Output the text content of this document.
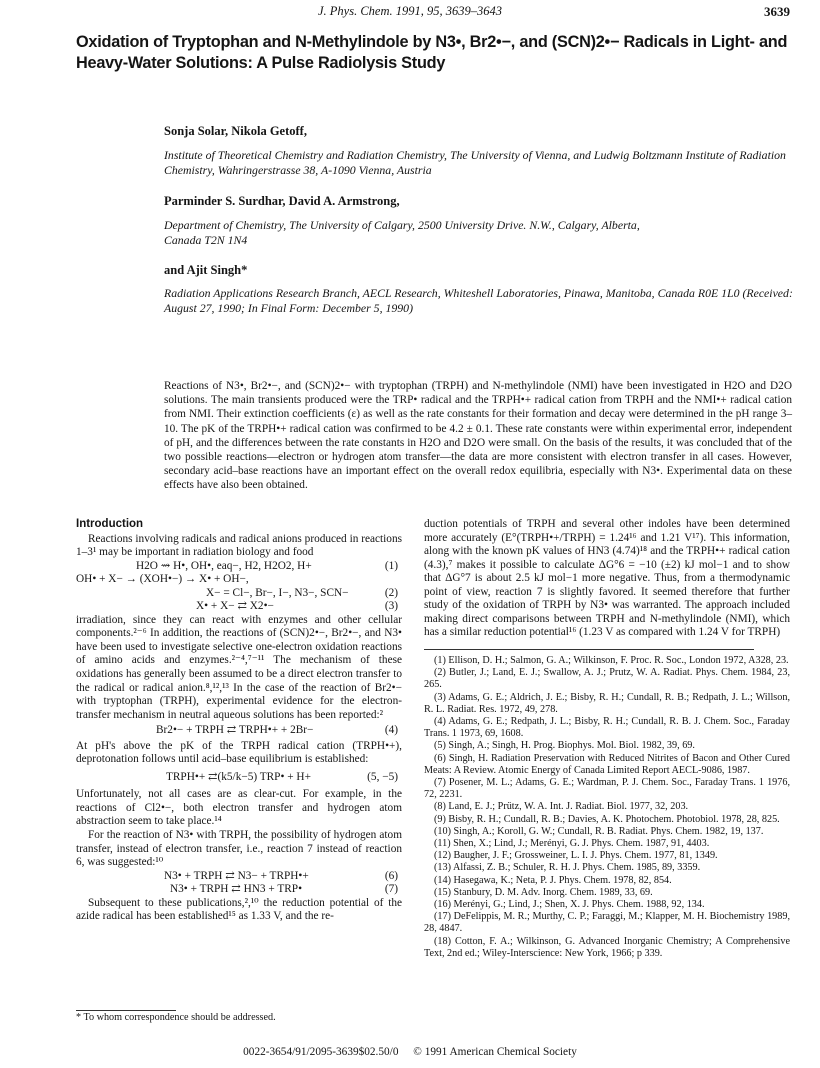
J. Phys. Chem. 1991, 95, 3639–3643	3639
Oxidation of Tryptophan and N-Methylindole by N3•, Br2•−, and (SCN)2•− Radicals in Light- and Heavy-Water Solutions: A Pulse Radiolysis Study
Sonja Solar, Nikola Getoff,
Institute of Theoretical Chemistry and Radiation Chemistry, The University of Vienna, and Ludwig Boltzmann Institute of Radiation Chemistry, Wahringerstrasse 38, A-1090 Vienna, Austria
Parminder S. Surdhar, David A. Armstrong,
Department of Chemistry, The University of Calgary, 2500 University Drive. N.W., Calgary, Alberta, Canada T2N 1N4
and Ajit Singh*
Radiation Applications Research Branch, AECL Research, Whiteshell Laboratories, Pinawa, Manitoba, Canada R0E 1L0 (Received: August 27, 1990; In Final Form: December 5, 1990)
Reactions of N3•, Br2•−, and (SCN)2•− with tryptophan (TRPH) and N-methylindole (NMI) have been investigated in H2O and D2O solutions. The main transients produced were the TRP• radical and the TRPH•+ radical cation from TRPH and the NMI•+ radical cation from NMI. Their extinction coefficients (ε) as well as the rate constants for their formation and decay were determined in the pH range 3–10. The pK of the TRPH•+ radical cation was confirmed to be 4.2 ± 0.1. These rate constants were within experimental error, independent of pH, and the differences between the rate constants in H2O and D2O were small. On the basis of the results, it was concluded that of the two possible reactions—electron or hydrogen atom transfer—the data are more consistent with electron transfer in all cases. However, secondary acid–base reactions have an important effect on the overall redox equilibria, especially with N3•. Experimental data on these effects have also been obtained.
Introduction

Reactions involving radicals and radical anions produced in reactions 1–3¹ may be important in radiation biology and food

H2O ⇝ H•, OH•, eaq−, H2, H2O2, H+	(1)
OH• + X− → (XOH•−) → X• + OH−,
X− = Cl−, Br−, I−, N3−, SCN−	(2)
X• + X− ⇄ X2•−	(3)

irradiation, since they can react with enzymes and other cellular components.²⁻⁶ In addition, the reactions of (SCN)2•−, Br2•−, and N3• have been used to investigate selective one-electron oxidation reactions of amino acids and enzymes.²⁻⁴,⁷⁻¹¹ The mechanism of these oxidations has generally been assumed to be a direct electron transfer to the radical or radical anion.⁸,¹²,¹³ In the case of the reaction of Br2•− with tryptophan (TRPH), experimental evidence for the electron-transfer mechanism in neutral aqueous solutions has been reported:²

Br2•− + TRPH ⇄ TRPH•+ + 2Br−	(4)

At pH's above the pK of the TRPH radical cation (TRPH•+), deprotonation follows until acid–base equilibrium is established:

TRPH•+ ⇄(k5/k−5) TRP• + H+	(5, −5)

Unfortunately, not all cases are as clear-cut. For example, in the reactions of Cl2•−, both electron transfer and hydrogen atom abstraction seem to take place.¹⁴

For the reaction of N3• with TRPH, the possibility of hydrogen atom transfer, instead of electron transfer, i.e., reaction 7 instead of reaction 6, was suggested:¹⁰

N3• + TRPH ⇄ N3− + TRPH•+	(6)
N3• + TRPH ⇄ HN3 + TRP•	(7)

Subsequent to these publications,²,¹⁰ the reduction potential of the azide radical has been established¹⁵ as 1.33 V, and the re-

duction potentials of TRPH and several other indoles have been determined more accurately (E°(TRPH•+/TRPH) = 1.24¹⁶ and 1.21 V¹⁷). This information, along with the known pK values of HN3 (4.74)¹⁸ and the TRPH•+ radical cation (4.3),⁷ makes it possible to calculate ΔG°6 = −10 (±2) kJ mol−1 and to show that ΔG°7 is about 2.5 kJ mol−1 more negative. Thus, from a thermodynamic point of view, reaction 7 is slightly favored. It seemed therefore that further study of the oxidation of TRPH by N3• was warranted. The approach included making direct comparisons between TRPH and N-methylindole (NMI), which has a similar reduction potential¹⁶ (1.23 V as compared with 1.24 V for TRPH)

(1) Ellison, D. H.; Salmon, G. A.; Wilkinson, F. Proc. R. Soc., London 1972, A328, 23.
(2) Butler, J.; Land, E. J.; Swallow, A. J.; Prutz, W. A. Radiat. Phys. Chem. 1984, 23, 265.
(3) Adams, G. E.; Aldrich, J. E.; Bisby, R. H.; Cundall, R. B.; Redpath, J. L.; Willson, R. L. Radiat. Res. 1972, 49, 278.
(4) Adams, G. E.; Redpath, J. L.; Bisby, R. H.; Cundall, R. B. J. Chem. Soc., Faraday Trans. 1 1973, 69, 1608.
(5) Singh, A.; Singh, H. Prog. Biophys. Mol. Biol. 1982, 39, 69.
(6) Singh, H. Radiation Preservation with Reduced Nitrites of Bacon and Other Cured Meats: A Review. Atomic Energy of Canada Limited Report AECL-9086, 1987.
(7) Posener, M. L.; Adams, G. E.; Wardman, P. J. Chem. Soc., Faraday Trans. 1 1976, 72, 2231.
(8) Land, E. J.; Prütz, W. A. Int. J. Radiat. Biol. 1977, 32, 203.
(9) Bisby, R. H.; Cundall, R. B.; Davies, A. K. Photochem. Photobiol. 1978, 28, 825.
(10) Singh, A.; Koroll, G. W.; Cundall, R. B. Radiat. Phys. Chem. 1982, 19, 137.
(11) Shen, X.; Lind, J.; Merényi, G. J. Phys. Chem. 1987, 91, 4403.
(12) Baugher, J. F.; Grossweiner, L. I. J. Phys. Chem. 1977, 81, 1349.
(13) Alfassi, Z. B.; Schuler, R. H. J. Phys. Chem. 1985, 89, 3359.
(14) Hasegawa, K.; Neta, P. J. Phys. Chem. 1978, 82, 854.
(15) Stanbury, D. M. Adv. Inorg. Chem. 1989, 33, 69.
(16) Merényi, G.; Lind, J.; Shen, X. J. Phys. Chem. 1988, 92, 134.
(17) DeFelippis, M. R.; Murthy, C. P.; Faraggi, M.; Klapper, M. H. Biochemistry 1989, 28, 4847.
(18) Cotton, F. A.; Wilkinson, G. Advanced Inorganic Chemistry; A Comprehensive Text, 2nd ed.; Wiley-Interscience: New York, 1966; p 339.
* To whom correspondence should be addressed.
0022-3654/91/2095-3639$02.50/0 © 1991 American Chemical Society
